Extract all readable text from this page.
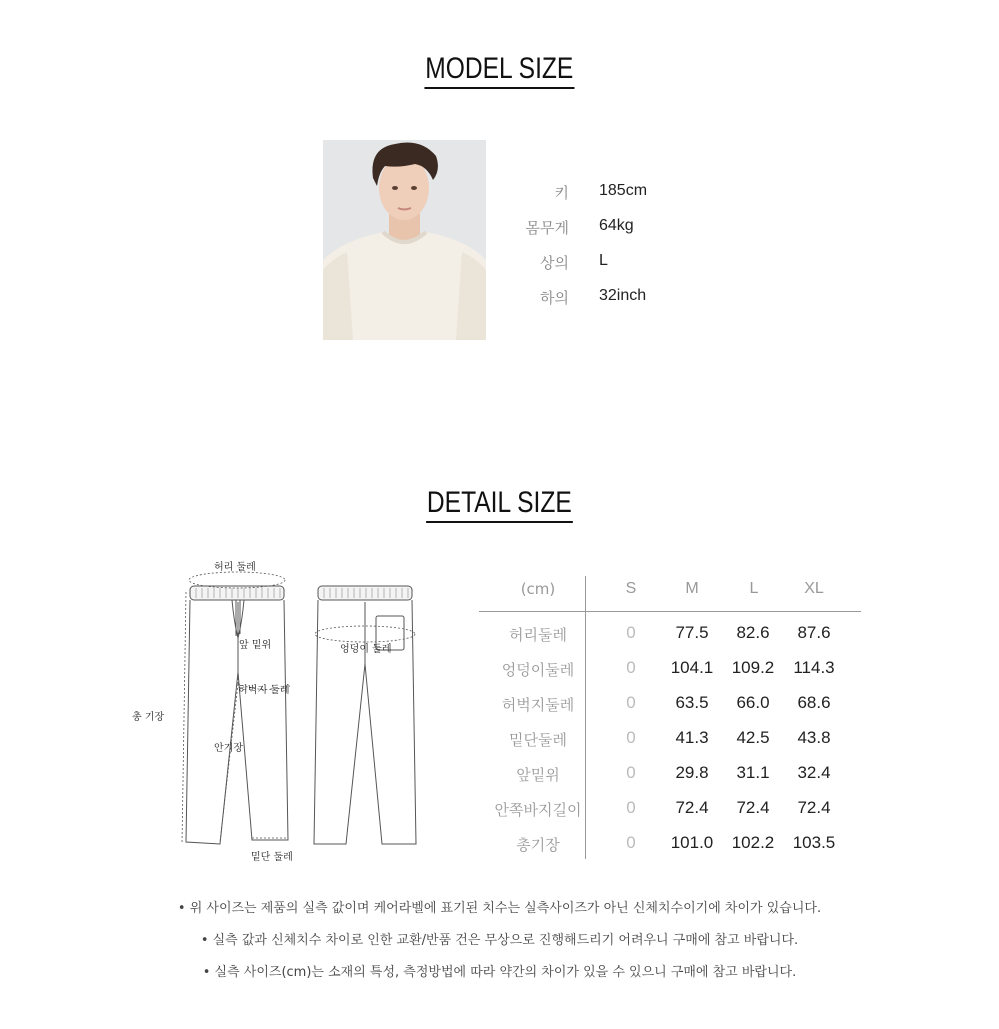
MODEL SIZE
키 185cm
몸무게 64kg
상의 L
하의 32inch
DETAIL SIZE
허리 둘레
앞 밑위
허벅지 둘레
총 기장
안기장
밑단 둘레
엉덩이 둘레
(cm)	S	M	L	XL
허리둘레	0	77.5	82.6	87.6
엉덩이둘레	0	104.1 109.2 114.3
허벅지둘레	0	63.5	66.0	68.6
밑단둘레	0	41.3	42.5	43.8
앞밑위	0	29.8	31.1	32.4
안쪽바지길이	0	72.4	72.4	72.4
총기장	0	101.0 102.2 103.5
• 위 사이즈는 제품의 실측 값이며 케어라벨에 표기된 치수는 실측사이즈가 아닌 신체치수이기에 차이가 있습니다.
• 실측 값과 신체치수 차이로 인한 교환/반품 건은 무상으로 진행해드리기 어려우니 구매에 참고 바랍니다.
• 실측 사이즈(cm)는 소재의 특성, 측정방법에 따라 약간의 차이가 있을 수 있으니 구매에 참고 바랍니다.
